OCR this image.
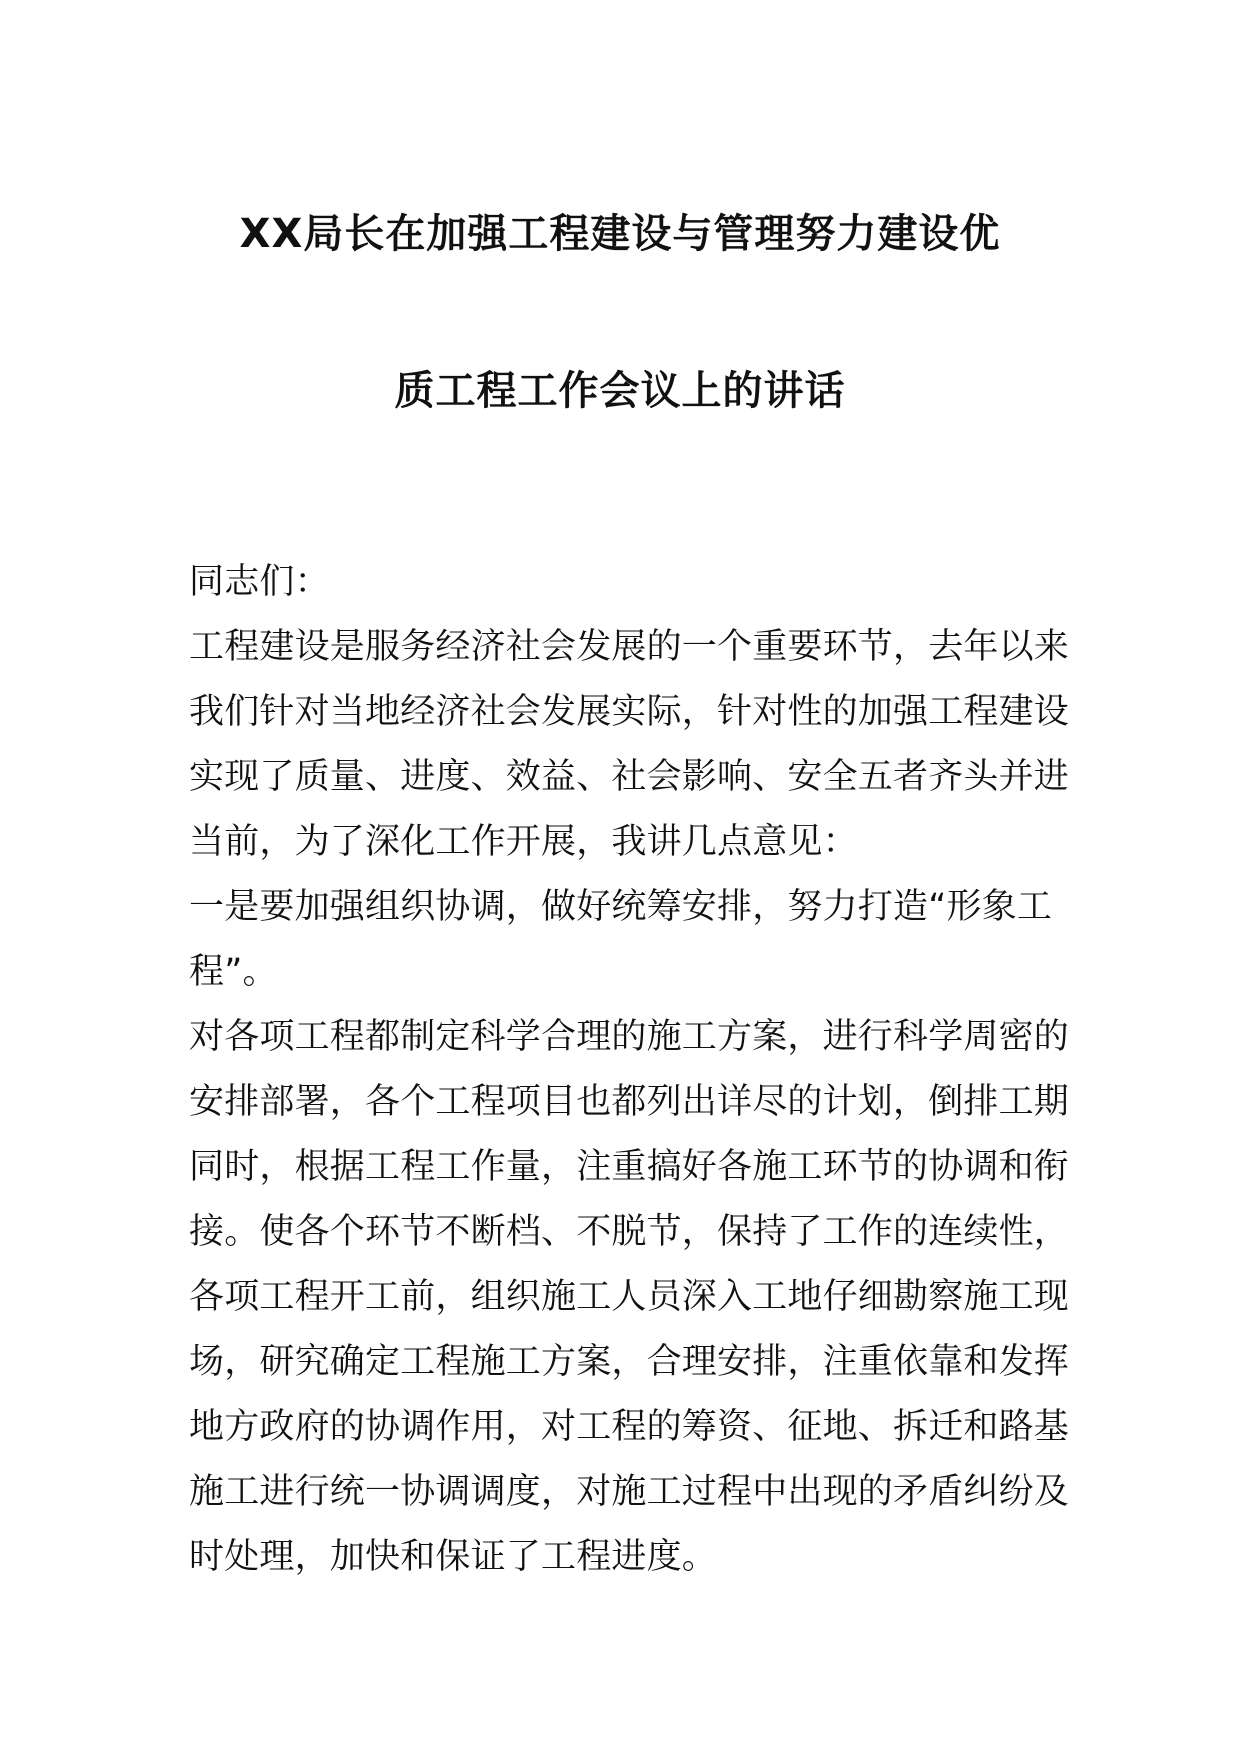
XX局长在加强工程建设与管理努力建设优
质工程工作会议上的讲话
同志们：
工程建设是服务经济社会发展的一个重要环节，去年以来
我们针对当地经济社会发展实际，针对性的加强工程建设
实现了质量、进度、效益、社会影响、安全五者齐头并进
当前，为了深化工作开展，我讲几点意见：
一是要加强组织协调，做好统筹安排，努力打造“形象工
程”。
对各项工程都制定科学合理的施工方案，进行科学周密的
安排部署，各个工程项目也都列出详尽的计划，倒排工期
同时，根据工程工作量，注重搞好各施工环节的协调和衔
接。使各个环节不断档、不脱节，保持了工作的连续性，
各项工程开工前，组织施工人员深入工地仔细勘察施工现
场，研究确定工程施工方案，合理安排，注重依靠和发挥
地方政府的协调作用，对工程的筹资、征地、拆迁和路基
施工进行统一协调调度，对施工过程中出现的矛盾纠纷及
时处理，加快和保证了工程进度。
